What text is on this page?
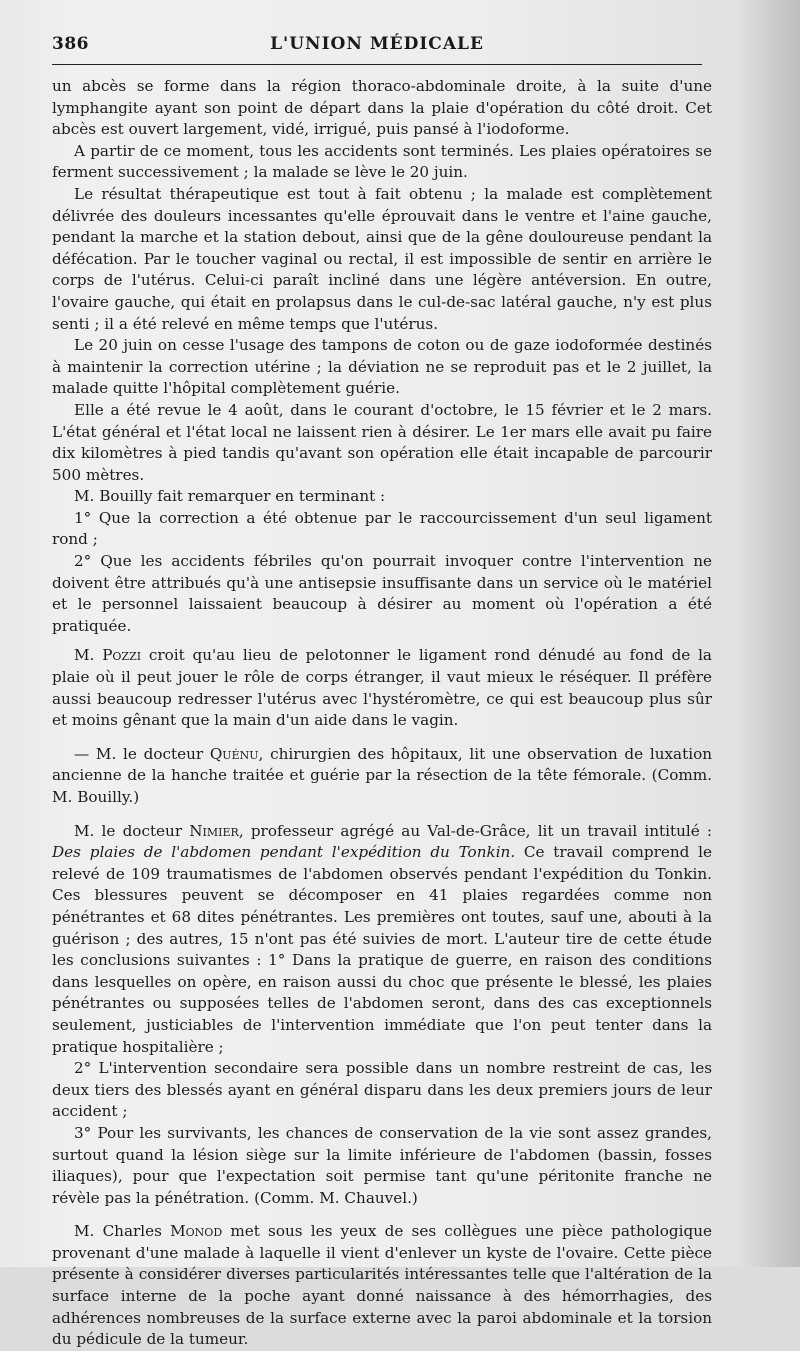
386	L'UNION MÉDICALE

un abcès se forme dans la région thoraco-abdominale droite, à la suite d'une lymphangite ayant son point de départ dans la plaie d'opération du côté droit. Cet abcès est ouvert largement, vidé, irrigué, puis pansé à l'iodoforme.

A partir de ce moment, tous les accidents sont terminés. Les plaies opératoires se ferment successivement ; la malade se lève le 20 juin.

Le résultat thérapeutique est tout à fait obtenu ; la malade est complètement délivrée des douleurs incessantes qu'elle éprouvait dans le ventre et l'aine gauche, pendant la marche et la station debout, ainsi que de la gêne douloureuse pendant la défécation. Par le toucher vaginal ou rectal, il est impossible de sentir en arrière le corps de l'utérus. Celui-ci paraît incliné dans une légère antéversion. En outre, l'ovaire gauche, qui était en prolapsus dans le cul-de-sac latéral gauche, n'y est plus senti ; il a été relevé en même temps que l'utérus.

Le 20 juin on cesse l'usage des tampons de coton ou de gaze iodoformée destinés à maintenir la correction utérine ; la déviation ne se reproduit pas et le 2 juillet, la malade quitte l'hôpital complètement guérie.

Elle a été revue le 4 août, dans le courant d'octobre, le 15 février et le 2 mars. L'état général et l'état local ne laissent rien à désirer. Le 1er mars elle avait pu faire dix kilomètres à pied tandis qu'avant son opération elle était incapable de parcourir 500 mètres.

M. Bouilly fait remarquer en terminant :

1° Que la correction a été obtenue par le raccourcissement d'un seul ligament rond ;

2° Que les accidents fébriles qu'on pourrait invoquer contre l'intervention ne doivent être attribués qu'à une antisepsie insuffisante dans un service où le matériel et le personnel laissaient beaucoup à désirer au moment où l'opération a été pratiquée.

M. Pozzi croit qu'au lieu de pelotonner le ligament rond dénudé au fond de la plaie où il peut jouer le rôle de corps étranger, il vaut mieux le réséquer. Il préfère aussi beaucoup redresser l'utérus avec l'hystéromètre, ce qui est beaucoup plus sûr et moins gênant que la main d'un aide dans le vagin.

— M. le docteur Quénu, chirurgien des hôpitaux, lit une observation de luxation ancienne de la hanche traitée et guérie par la résection de la tête fémorale. (Comm. M. Bouilly.)

M. le docteur Nimier, professeur agrégé au Val-de-Grâce, lit un travail intitulé : Des plaies de l'abdomen pendant l'expédition du Tonkin. Ce travail comprend le relevé de 109 traumatismes de l'abdomen observés pendant l'expédition du Tonkin. Ces blessures peuvent se décomposer en 41 plaies regardées comme non pénétrantes et 68 dites pénétrantes. Les premières ont toutes, sauf une, abouti à la guérison ; des autres, 15 n'ont pas été suivies de mort. L'auteur tire de cette étude les conclusions suivantes : 1° Dans la pratique de guerre, en raison des conditions dans lesquelles on opère, en raison aussi du choc que présente le blessé, les plaies pénétrantes ou supposées telles de l'abdomen seront, dans des cas exceptionnels seulement, justiciables de l'intervention immédiate que l'on peut tenter dans la pratique hospitalière ;

2° L'intervention secondaire sera possible dans un nombre restreint de cas, les deux tiers des blessés ayant en général disparu dans les deux premiers jours de leur accident ;

3° Pour les survivants, les chances de conservation de la vie sont assez grandes, surtout quand la lésion siège sur la limite inférieure de l'abdomen (bassin, fosses iliaques), pour que l'expectation soit permise tant qu'une péritonite franche ne révèle pas la pénétration. (Comm. M. Chauvel.)

M. Charles Monod met sous les yeux de ses collègues une pièce pathologique provenant d'une malade à laquelle il vient d'enlever un kyste de l'ovaire. Cette pièce présente à considérer diverses particularités intéressantes telle que l'altération de la surface interne de la poche ayant donné naissance à des hémorrhagies, des adhérences nombreuses de la surface externe avec la paroi abdominale et la torsion du pédicule de la tumeur.
